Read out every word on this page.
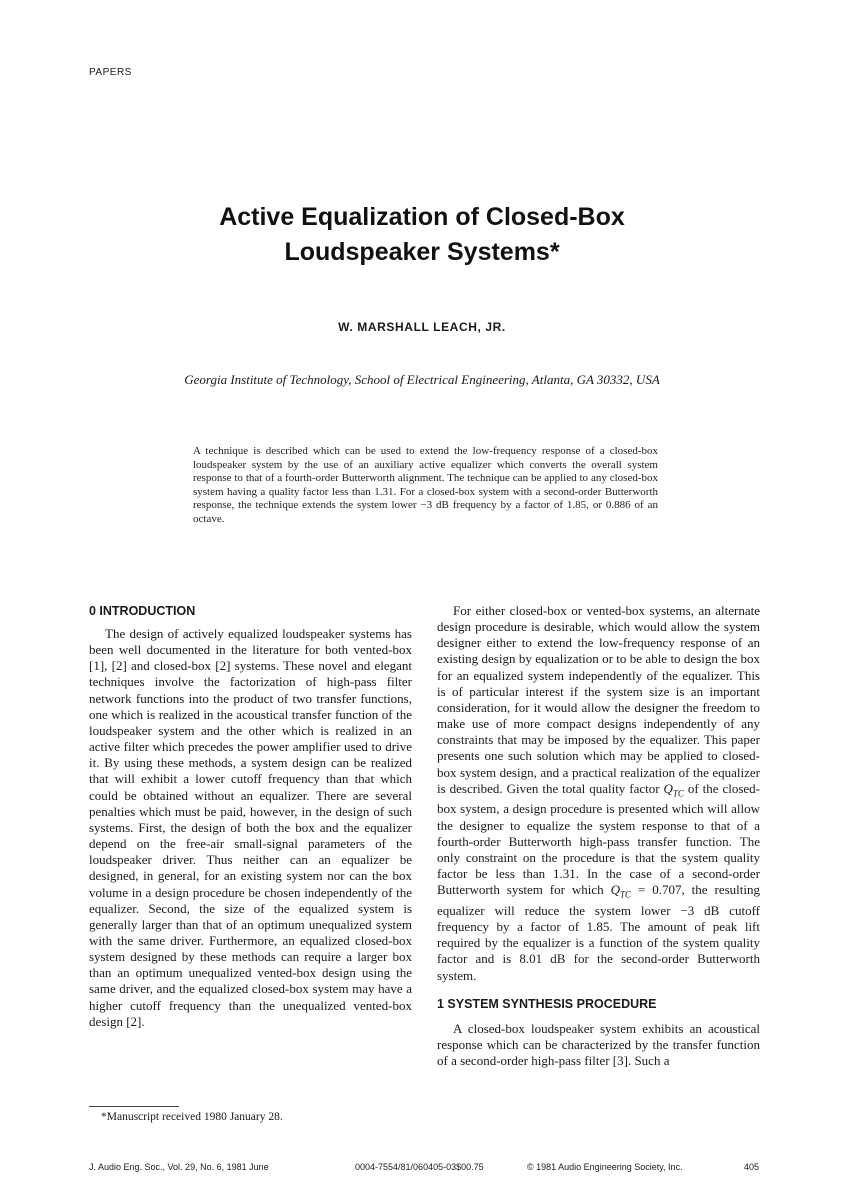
PAPERS
Active Equalization of Closed-Box
Loudspeaker Systems*
W. MARSHALL LEACH, JR.
Georgia Institute of Technology, School of Electrical Engineering, Atlanta, GA 30332, USA
A technique is described which can be used to extend the low-frequency response of a closed-box loudspeaker system by the use of an auxiliary active equalizer which converts the overall system response to that of a fourth-order Butterworth alignment. The technique can be applied to any closed-box system having a quality factor less than 1.31. For a closed-box system with a second-order Butterworth response, the technique extends the system lower −3 dB frequency by a factor of 1.85, or 0.886 of an octave.
0 INTRODUCTION

The design of actively equalized loudspeaker systems has been well documented in the literature for both vented-box [1], [2] and closed-box [2] systems. These novel and elegant techniques involve the factorization of high-pass filter network functions into the product of two transfer functions, one which is realized in the acoustical transfer function of the loudspeaker system and the other which is realized in an active filter which precedes the power amplifier used to drive it. By using these methods, a system design can be realized that will exhibit a lower cutoff frequency than that which could be obtained without an equalizer. There are several penalties which must be paid, however, in the design of such systems. First, the design of both the box and the equalizer depend on the free-air small-signal parameters of the loudspeaker driver. Thus neither can an equalizer be designed, in general, for an existing system nor can the box volume in a design procedure be chosen independently of the equalizer. Second, the size of the equalized system is generally larger than that of an optimum unequalized system with the same driver. Furthermore, an equalized closed-box system designed by these methods can require a larger box than an optimum unequalized vented-box design using the same driver, and the equalized closed-box system may have a higher cutoff frequency than the unequalized vented-box design [2].

For either closed-box or vented-box systems, an alternate design procedure is desirable, which would allow the system designer either to extend the low-frequency response of an existing design by equalization or to be able to design the box for an equalized system independently of the equalizer. This is of particular interest if the system size is an important consideration, for it would allow the designer the freedom to make use of more compact designs independently of any constraints that may be imposed by the equalizer. This paper presents one such solution which may be applied to closed-box system design, and a practical realization of the equalizer is described. Given the total quality factor $Q_{TC}$ of the closed-box system, a design procedure is presented which will allow the designer to equalize the system response to that of a fourth-order Butterworth high-pass transfer function. The only constraint on the procedure is that the system quality factor be less than 1.31. In the case of a second-order Butterworth system for which $Q_{TC} = 0.707$, the resulting equalizer will reduce the system lower −3 dB cutoff frequency by a factor of 1.85. The amount of peak lift required by the equalizer is a function of the system quality factor and is 8.01 dB for the second-order Butterworth system.

1 SYSTEM SYNTHESIS PROCEDURE

A closed-box loudspeaker system exhibits an acoustical response which can be characterized by the transfer function of a second-order high-pass filter [3]. Such a

*Manuscript received 1980 January 28.
J. Audio Eng. Soc., Vol. 29, No. 6, 1981 June	0004-7554/81/060405-03$00.75	© 1981 Audio Engineering Society, Inc.	405
